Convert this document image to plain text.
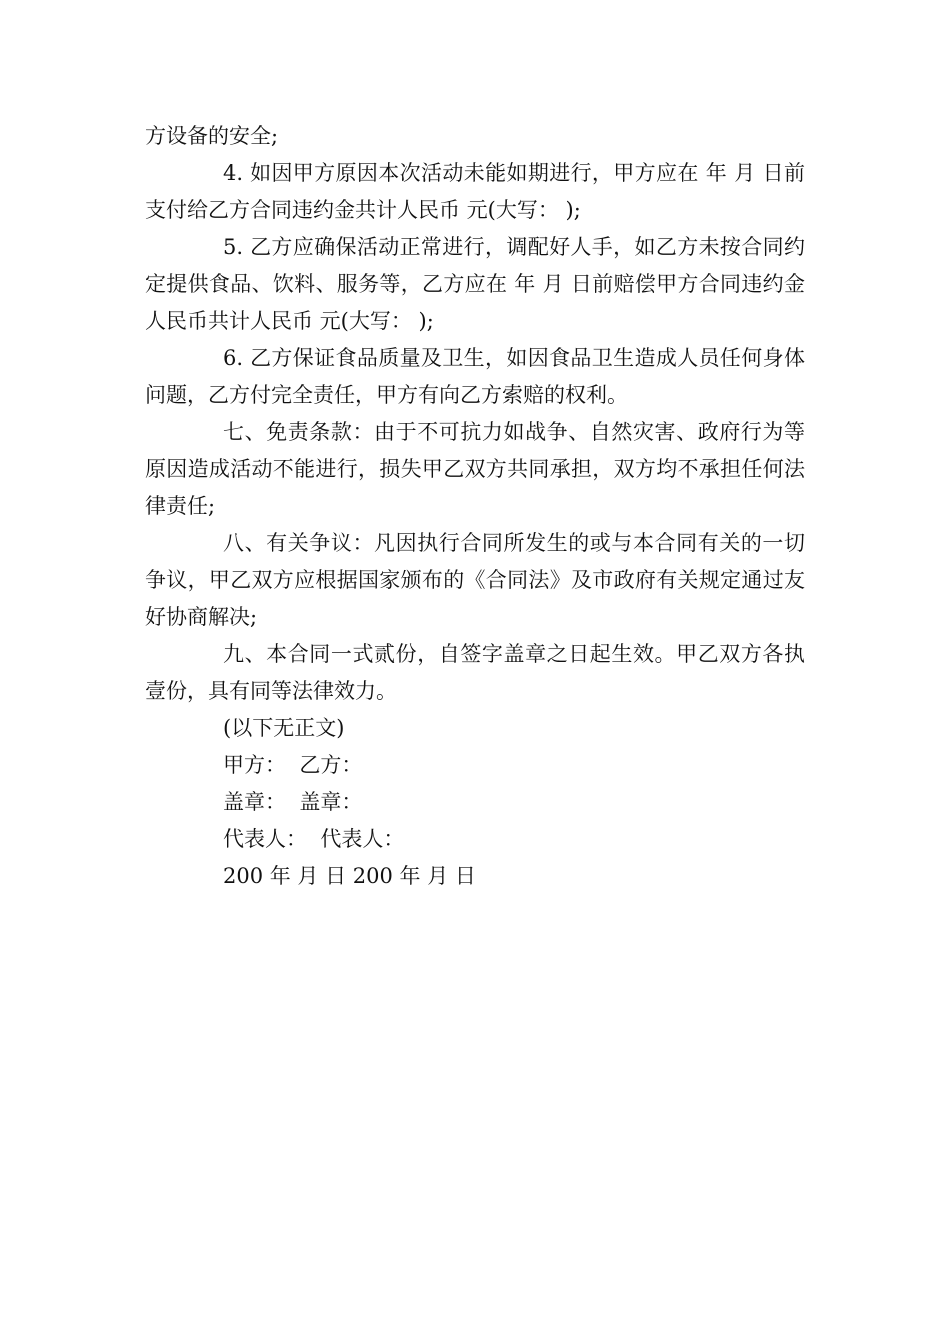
方设备的安全;

4. 如因甲方原因本次活动未能如期进行，甲方应在 年 月 日前支付给乙方合同违约金共计人民币 元(大写： );

5. 乙方应确保活动正常进行，调配好人手，如乙方未按合同约定提供食品、饮料、服务等，乙方应在 年 月 日前赔偿甲方合同违约金人民币共计人民币 元(大写： );

6. 乙方保证食品质量及卫生，如因食品卫生造成人员任何身体问题，乙方付完全责任，甲方有向乙方索赔的权利。

七、免责条款：由于不可抗力如战争、自然灾害、政府行为等原因造成活动不能进行，损失甲乙双方共同承担，双方均不承担任何法律责任;

八、有关争议：凡因执行合同所发生的或与本合同有关的一切争议，甲乙双方应根据国家颁布的《合同法》及市政府有关规定通过友好协商解决;

九、本合同一式贰份，自签字盖章之日起生效。甲乙双方各执壹份，具有同等法律效力。

(以下无正文)

甲方：  乙方：

盖章：  盖章：

代表人：  代表人：

200 年 月 日 200 年 月 日
